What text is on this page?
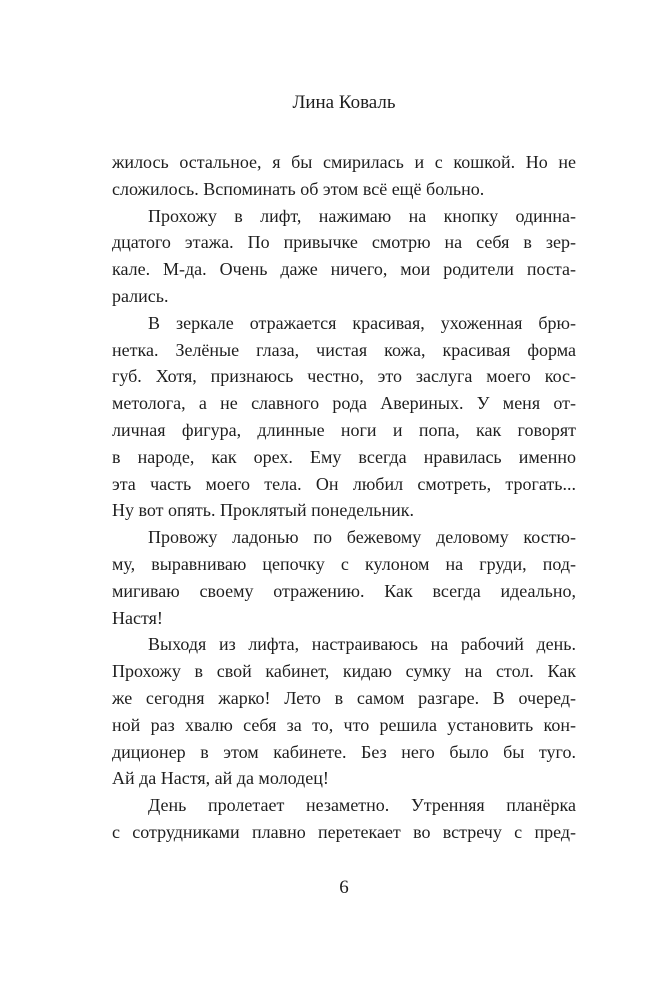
Лина Коваль
жилось остальное, я бы смирилась и с кошкой. Но не
сложилось. Вспоминать об этом всё ещё больно.
Прохожу в лифт, нажимаю на кнопку одинна-
дцатого этажа. По привычке смотрю на себя в зер-
кале. М-да. Очень даже ничего, мои родители поста-
рались.
В зеркале отражается красивая, ухоженная брю-
нетка. Зелёные глаза, чистая кожа, красивая форма
губ. Хотя, признаюсь честно, это заслуга моего кос-
метолога, а не славного рода Авериных. У меня от-
личная фигура, длинные ноги и попа, как говорят
в народе, как орех. Ему всегда нравилась именно
эта часть моего тела. Он любил смотреть, трогать...
Ну вот опять. Проклятый понедельник.
Провожу ладонью по бежевому деловому костю-
му, выравниваю цепочку с кулоном на груди, под-
мигиваю своему отражению. Как всегда идеально,
Настя!
Выходя из лифта, настраиваюсь на рабочий день.
Прохожу в свой кабинет, кидаю сумку на стол. Как
же сегодня жарко! Лето в самом разгаре. В очеред-
ной раз хвалю себя за то, что решила установить кон-
диционер в этом кабинете. Без него было бы туго.
Ай да Настя, ай да молодец!
День пролетает незаметно. Утренняя планёрка
с сотрудниками плавно перетекает во встречу с пред-
6
